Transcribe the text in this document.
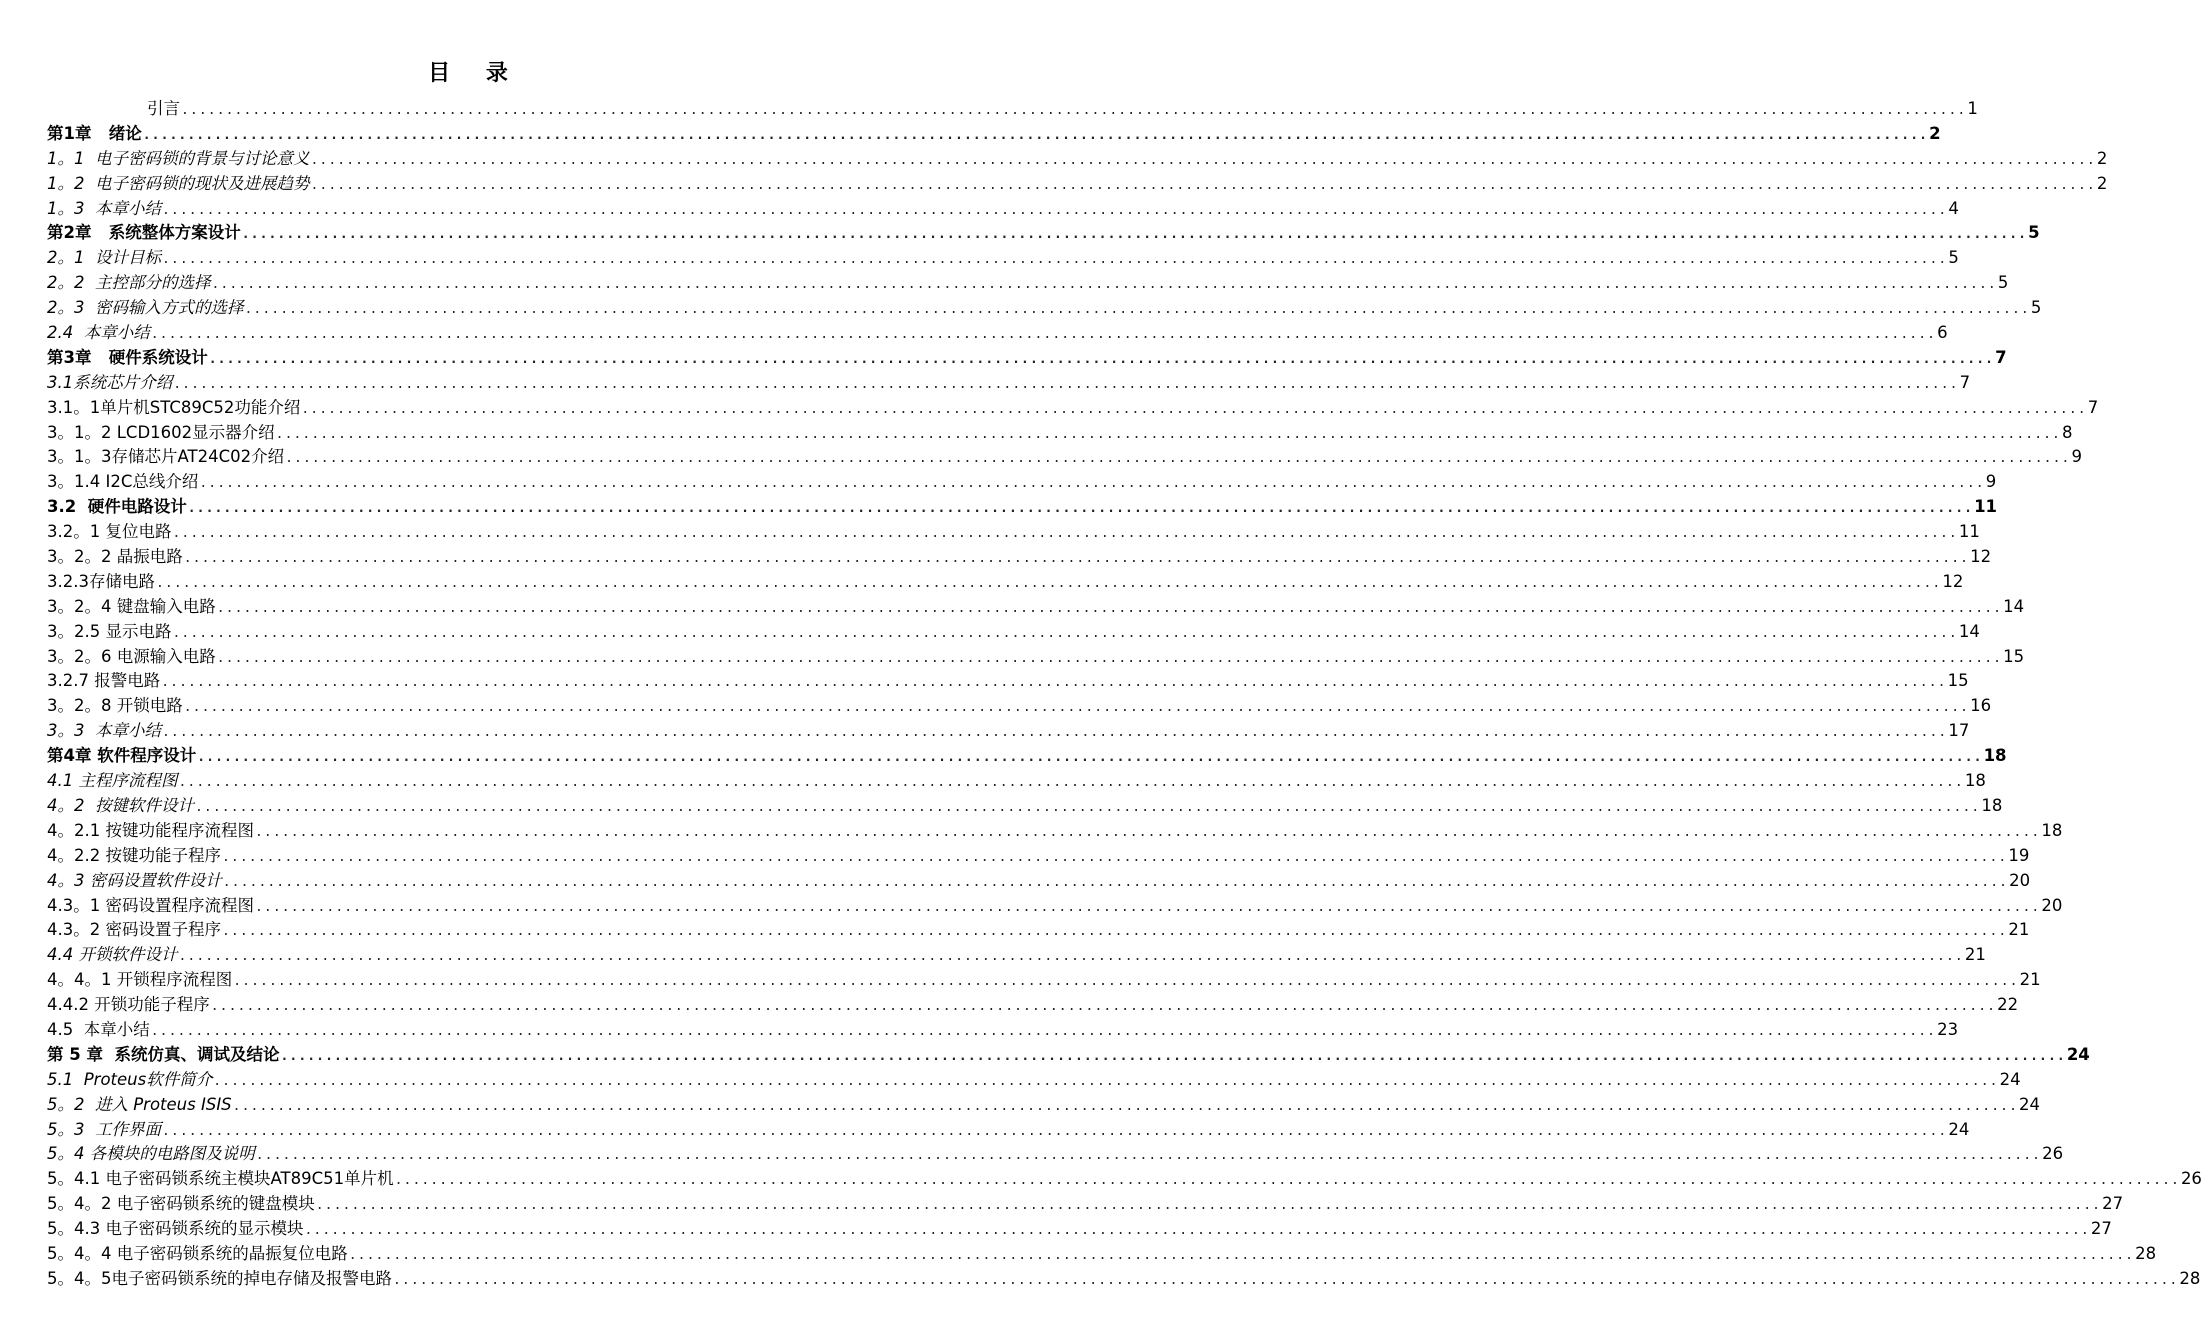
目 录
引言 ........................................................................................................................................................................................................ 1
第1章   绪论 ........................................................................................................................................................................................................ 2
1。1  电子密码锁的背景与讨论意义 ........................................................................................................................................................................................................ 2
1。2  电子密码锁的现状及进展趋势 ........................................................................................................................................................................................................ 2
1。3  本章小结 ........................................................................................................................................................................................................ 4
第2章   系统整体方案设计 ........................................................................................................................................................................................................ 5
2。1  设计目标 ........................................................................................................................................................................................................ 5
2。2  主控部分的选择 ........................................................................................................................................................................................................ 5
2。3  密码输入方式的选择 ........................................................................................................................................................................................................ 5
2.4  本章小结 ........................................................................................................................................................................................................ 6
第3章   硬件系统设计 ........................................................................................................................................................................................................ 7
3.1系统芯片介绍 ........................................................................................................................................................................................................ 7
3.1。1单片机STC89C52功能介绍 ........................................................................................................................................................................................................ 7
3。1。2 LCD1602显示器介绍 ........................................................................................................................................................................................................ 8
3。1。3存储芯片AT24C02介绍 ........................................................................................................................................................................................................ 9
3。1.4 I2C总线介绍 ........................................................................................................................................................................................................ 9
3.2  硬件电路设计 ........................................................................................................................................................................................................ 11
3.2。1 复位电路 ........................................................................................................................................................................................................ 11
3。2。2 晶振电路 ........................................................................................................................................................................................................ 12
3.2.3存储电路 ........................................................................................................................................................................................................ 12
3。2。4 键盘输入电路 ........................................................................................................................................................................................................ 14
3。2.5 显示电路 ........................................................................................................................................................................................................ 14
3。2。6 电源输入电路 ........................................................................................................................................................................................................ 15
3.2.7 报警电路 ........................................................................................................................................................................................................ 15
3。2。8 开锁电路 ........................................................................................................................................................................................................ 16
3。3  本章小结 ........................................................................................................................................................................................................ 17
第4章 软件程序设计 ........................................................................................................................................................................................................ 18
4.1 主程序流程图 ........................................................................................................................................................................................................ 18
4。2  按键软件设计 ........................................................................................................................................................................................................ 18
4。2.1 按键功能程序流程图 ........................................................................................................................................................................................................ 18
4。2.2 按键功能子程序 ........................................................................................................................................................................................................ 19
4。3 密码设置软件设计 ........................................................................................................................................................................................................ 20
4.3。1 密码设置程序流程图 ........................................................................................................................................................................................................ 20
4.3。2 密码设置子程序 ........................................................................................................................................................................................................ 21
4.4 开锁软件设计 ........................................................................................................................................................................................................ 21
4。4。1 开锁程序流程图 ........................................................................................................................................................................................................ 21
4.4.2 开锁功能子程序 ........................................................................................................................................................................................................ 22
4.5  本章小结 ........................................................................................................................................................................................................ 23
第 5 章  系统仿真、调试及结论 ........................................................................................................................................................................................................ 24
5.1  Proteus软件简介 ........................................................................................................................................................................................................ 24
5。2  进入 Proteus ISIS ........................................................................................................................................................................................................ 24
5。3  工作界面 ........................................................................................................................................................................................................ 24
5。4 各模块的电路图及说明 ........................................................................................................................................................................................................ 26
5。4.1 电子密码锁系统主模块AT89C51单片机 ........................................................................................................................................................................................................ 26
5。4。2 电子密码锁系统的键盘模块 ........................................................................................................................................................................................................ 27
5。4.3 电子密码锁系统的显示模块 ........................................................................................................................................................................................................ 27
5。4。4 电子密码锁系统的晶振复位电路 ........................................................................................................................................................................................................ 28
5。4。5电子密码锁系统的掉电存储及报警电路 ........................................................................................................................................................................................................ 28
